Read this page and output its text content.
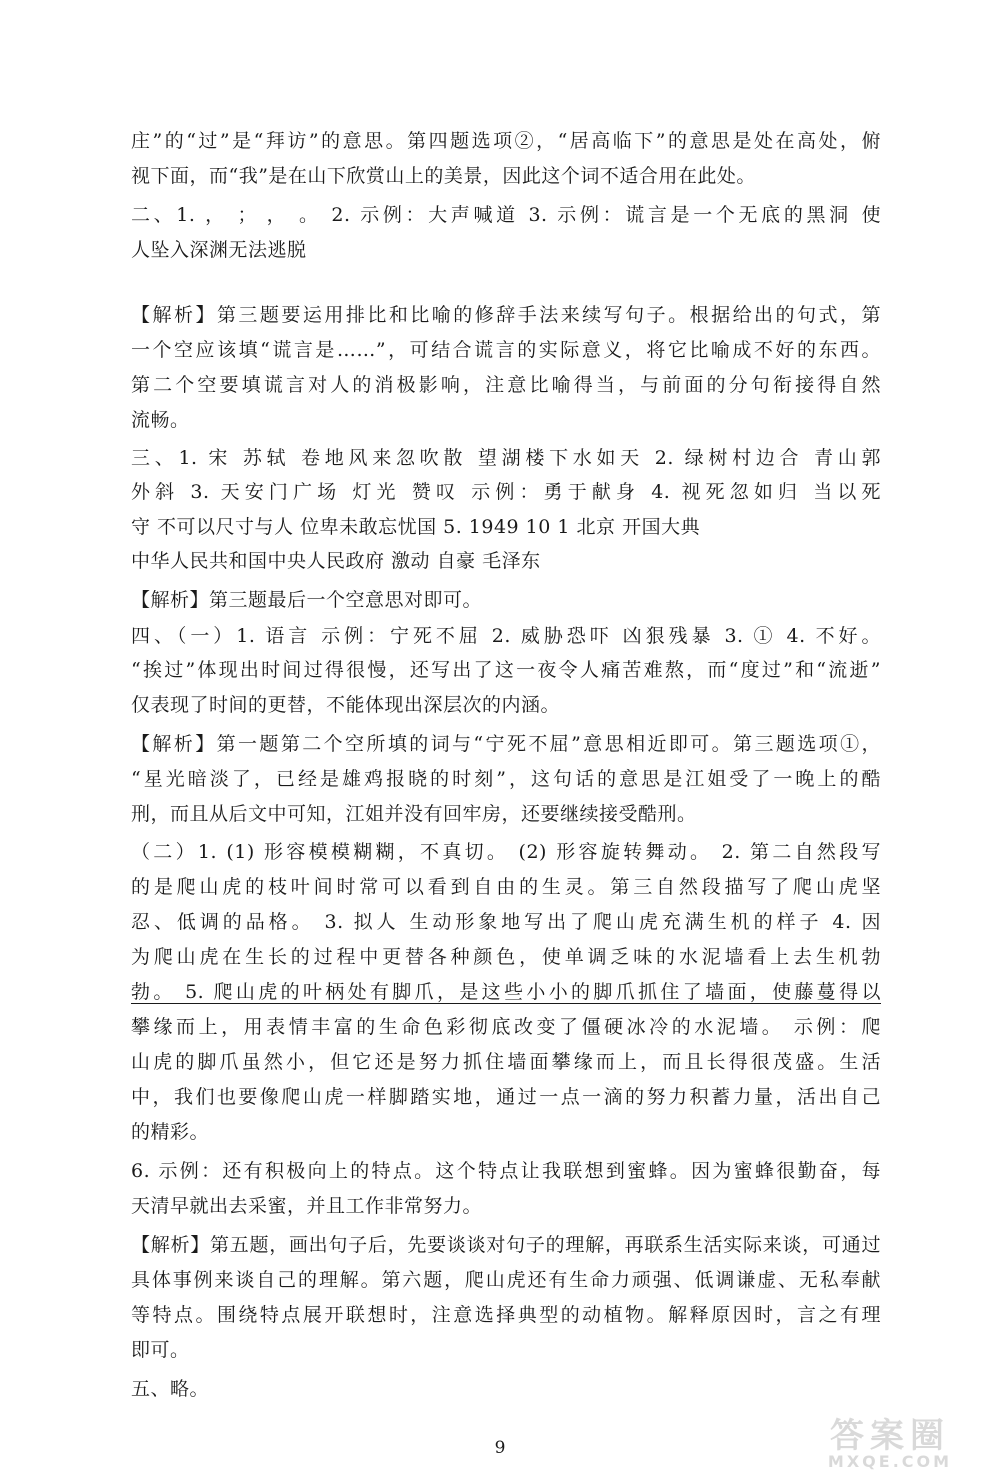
庄”的“过”是“拜访”的意思。第四题选项②，“居高临下”的意思是处在高处，俯
视下面，而“我”是在山下欣赏山上的美景，因此这个词不适合用在此处。
二、1. ， ； ， 。 2. 示例：大声喊道 3. 示例：谎言是一个无底的黑洞 使
人坠入深渊无法逃脱
【解析】第三题要运用排比和比喻的修辞手法来续写句子。根据给出的句式，第
一个空应该填“谎言是……”，可结合谎言的实际意义，将它比喻成不好的东西。
第二个空要填谎言对人的消极影响，注意比喻得当，与前面的分句衔接得自然
流畅。
三、1. 宋 苏轼 卷地风来忽吹散 望湖楼下水如天 2. 绿树村边合 青山郭
外斜 3. 天安门广场 灯光 赞叹 示例：勇于献身 4. 视死忽如归 当以死
守 不可以尺寸与人 位卑未敢忘忧国 5. 1949 10 1 北京 开国大典
中华人民共和国中央人民政府 激动 自豪 毛泽东
【解析】第三题最后一个空意思对即可。
四、（一）1. 语言 示例：宁死不屈 2. 威胁恐吓 凶狠残暴 3. ① 4. 不好。
“挨过”体现出时间过得很慢，还写出了这一夜令人痛苦难熬，而“度过”和“流逝”
仅表现了时间的更替，不能体现出深层次的内涵。
【解析】第一题第二个空所填的词与“宁死不屈”意思相近即可。第三题选项①，
“星光暗淡了，已经是雄鸡报晓的时刻”，这句话的意思是江姐受了一晚上的酷
刑，而且从后文中可知，江姐并没有回牢房，还要继续接受酷刑。
（二）1. (1) 形容模模糊糊，不真切。 (2) 形容旋转舞动。 2. 第二自然段写
的是爬山虎的枝叶间时常可以看到自由的生灵。第三自然段描写了爬山虎坚
忍、低调的品格。 3. 拟人 生动形象地写出了爬山虎充满生机的样子 4. 因
为爬山虎在生长的过程中更替各种颜色，使单调乏味的水泥墙看上去生机勃
勃。 5. 爬山虎的叶柄处有脚爪，是这些小小的脚爪抓住了墙面，使藤蔓得以
攀缘而上，用表情丰富的生命色彩彻底改变了僵硬冰冷的水泥墙。 示例：爬
山虎的脚爪虽然小，但它还是努力抓住墙面攀缘而上，而且长得很茂盛。生活
中，我们也要像爬山虎一样脚踏实地，通过一点一滴的努力积蓄力量，活出自己
的精彩。
6. 示例：还有积极向上的特点。这个特点让我联想到蜜蜂。因为蜜蜂很勤奋，每
天清早就出去采蜜，并且工作非常努力。
【解析】第五题，画出句子后，先要谈谈对句子的理解，再联系生活实际来谈，可通过
具体事例来谈自己的理解。第六题，爬山虎还有生命力顽强、低调谦虚、无私奉献
等特点。围绕特点展开联想时，注意选择典型的动植物。解释原因时，言之有理
即可。
五、略。
9	答案圈
MXQE.COM
